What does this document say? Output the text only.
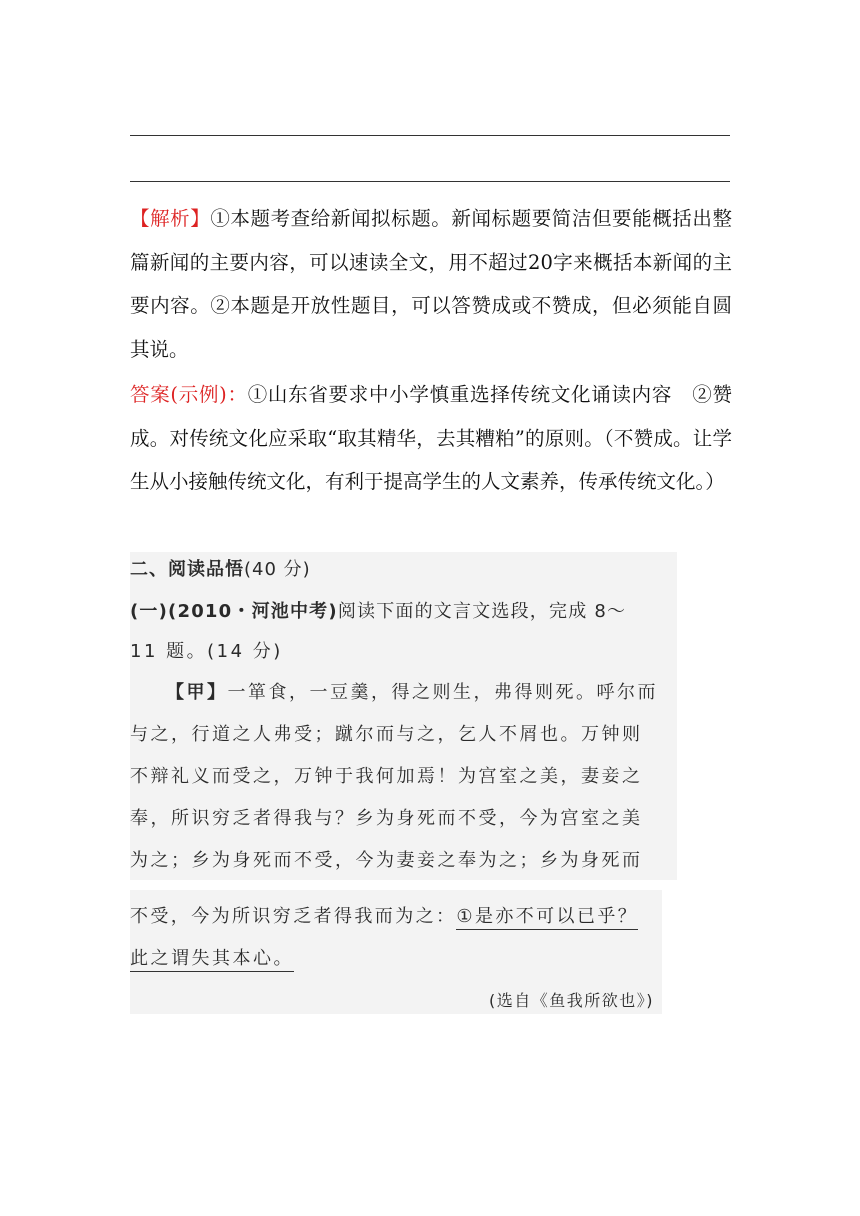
【解析】①本题考查给新闻拟标题。新闻标题要简洁但要能概括出整篇新闻的主要内容，可以速读全文，用不超过20字来概括本新闻的主要内容。②本题是开放性题目，可以答赞成或不赞成，但必须能自圆其说。
答案(示例)：①山东省要求中小学慎重选择传统文化诵读内容　②赞成。对传统文化应采取“取其精华，去其糟粕”的原则。（不赞成。让学生从小接触传统文化，有利于提高学生的人文素养，传承传统文化。）
二、阅读品悟(40 分)
(一)(2010・河池中考)阅读下面的文言文选段，完成 8～
11 题。(14 分)
【甲】一箪食，一豆羹，得之则生，弗得则死。呼尔而
与之，行道之人弗受；蹴尔而与之，乞人不屑也。万钟则
不辩礼义而受之，万钟于我何加焉！为宫室之美，妻妾之
奉，所识穷乏者得我与？乡为身死而不受，今为宫室之美
为之；乡为身死而不受，今为妻妾之奉为之；乡为身死而
不受，今为所识穷乏者得我而为之：①是亦不可以已乎？
此之谓失其本心。
(选自《鱼我所欲也》)
